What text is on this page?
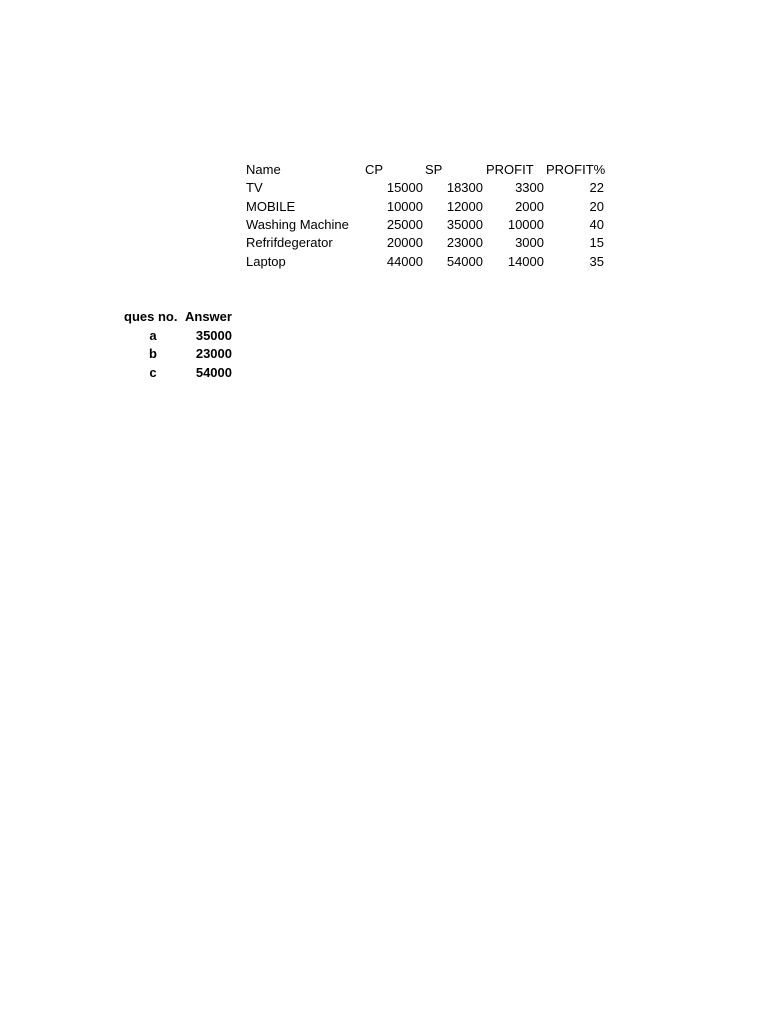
Name	CP	SP	PROFIT PROFIT%
TV	15000	18300	3300	22
MOBILE	10000	12000	2000	20
Washing Machine	25000	35000	10000	40
Refrifdegerator	20000	23000	3000	15
Laptop	44000	54000	14000	35
ques no. Answer
a	35000
b	23000
c	54000
